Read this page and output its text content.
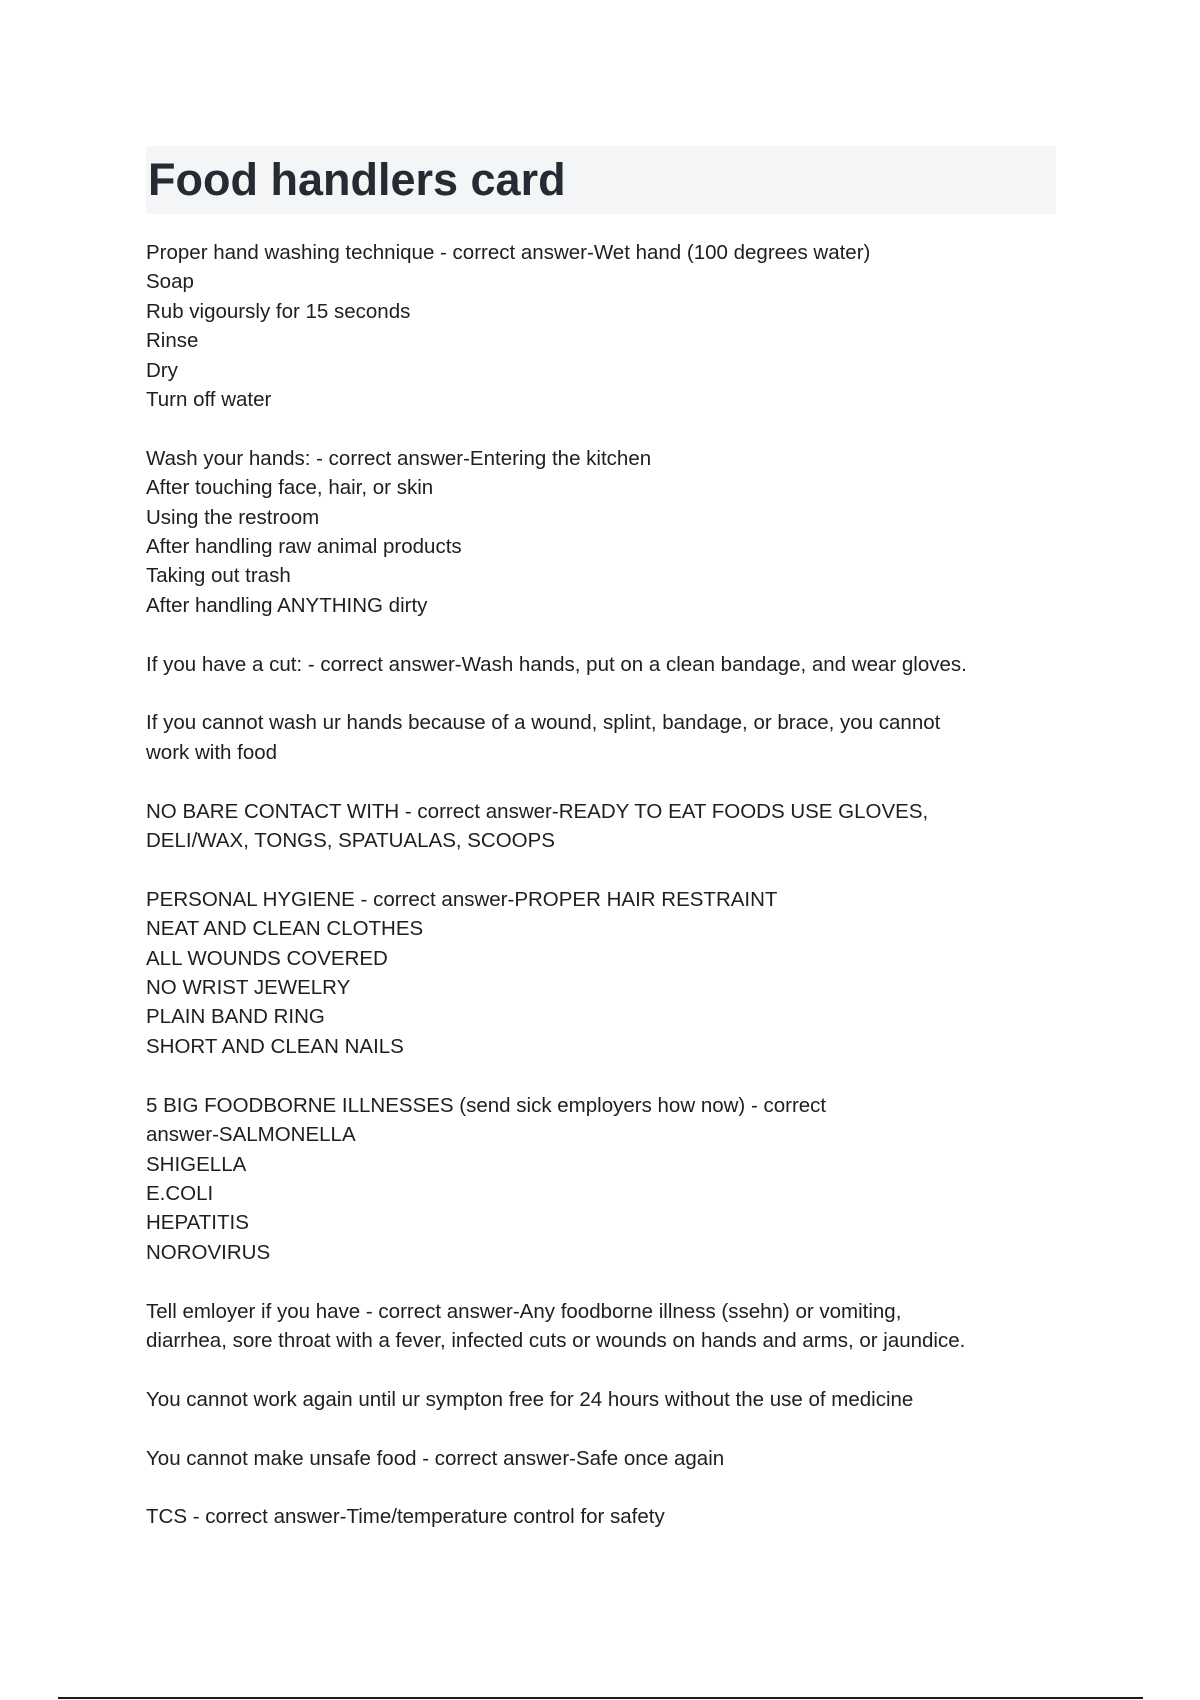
Food handlers card
Proper hand washing technique - correct answer-Wet hand (100 degrees water)
Soap
Rub vigoursly for 15 seconds
Rinse
Dry
Turn off water
Wash your hands: - correct answer-Entering the kitchen
After touching face, hair, or skin
Using the restroom
After handling raw animal products
Taking out trash
After handling ANYTHING dirty
If you have a cut: - correct answer-Wash hands, put on a clean bandage, and wear gloves.
If you cannot wash ur hands because of a wound, splint, bandage, or brace, you cannot
work with food
NO BARE CONTACT WITH - correct answer-READY TO EAT FOODS USE GLOVES,
DELI/WAX, TONGS, SPATUALAS, SCOOPS
PERSONAL HYGIENE - correct answer-PROPER HAIR RESTRAINT
NEAT AND CLEAN CLOTHES
ALL WOUNDS COVERED
NO WRIST JEWELRY
PLAIN BAND RING
SHORT AND CLEAN NAILS
5 BIG FOODBORNE ILLNESSES (send sick employers how now) - correct
answer-SALMONELLA
SHIGELLA
E.COLI
HEPATITIS
NOROVIRUS
Tell emloyer if you have - correct answer-Any foodborne illness (ssehn) or vomiting,
diarrhea, sore throat with a fever, infected cuts or wounds on hands and arms, or jaundice.
You cannot work again until ur sympton free for 24 hours without the use of medicine
You cannot make unsafe food - correct answer-Safe once again
TCS - correct answer-Time/temperature control for safety
